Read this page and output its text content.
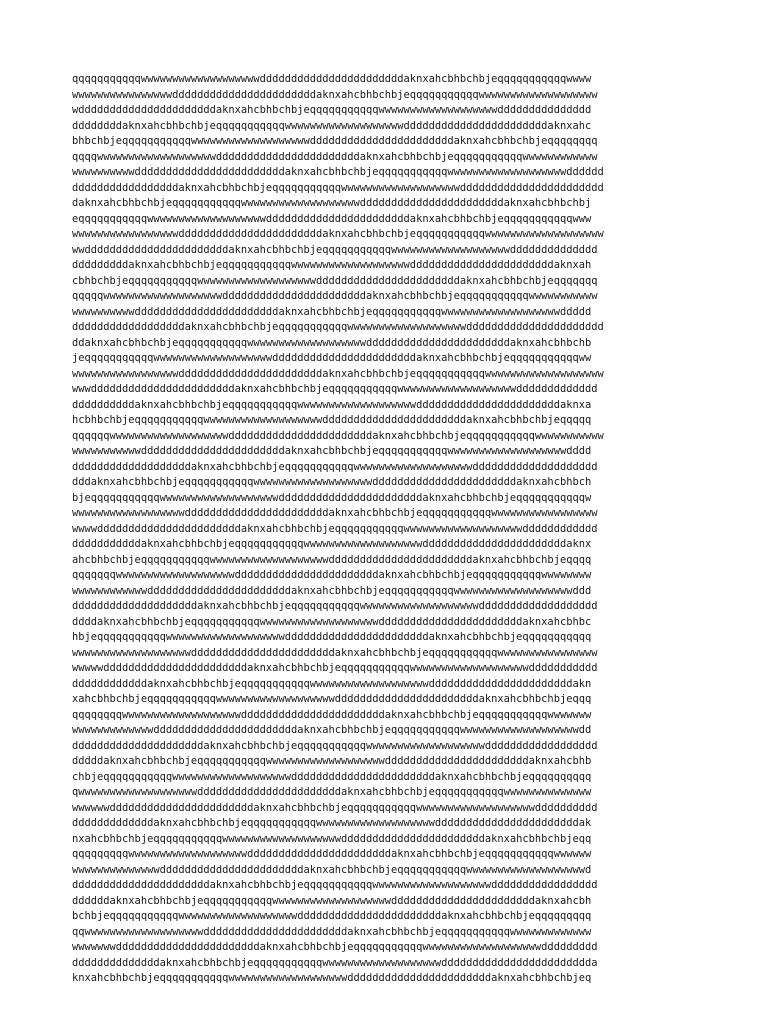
qqqqqqqqqqqwwwwwwwwwwwwwwwwwwwdddddddddddddddddddddddaknxahcbhbchbjeqqqqqqqqqqqwwww
wwwwwwwwwwwwwwwwdddddddddddddddddddddddaknxahcbhbchbjeqqqqqqqqqqqwwwwwwwwwwwwwwwwwww
wddddddddddddddddddddddaknxahcbhbchbjeqqqqqqqqqqqwwwwwwwwwwwwwwwwwwwddddddddddddddd
ddddddddaknxahcbhbchbjeqqqqqqqqqqqwwwwwwwwwwwwwwwwwwwdddddddddddddddddddddddaknxahc
bhbchbjeqqqqqqqqqqqwwwwwwwwwwwwwwwwwwwdddddddddddddddddddddddaknxahcbhbchbjeqqqqqqqq
qqqqwwwwwwwwwwwwwwwwwwwdddddddddddddddddddddddaknxahcbhbchbjeqqqqqqqqqqqwwwwwwwwwwww
wwwwwwwwwwddddddddddddddddddddddddaknxahcbhbchbjeqqqqqqqqqqqwwwwwwwwwwwwwwwwwwwdddddd
dddddddddddddddddaknxahcbhbchbjeqqqqqqqqqqqwwwwwwwwwwwwwwwwwwwddddddddddddddddddddddd
daknxahcbhbchbjeqqqqqqqqqqqwwwwwwwwwwwwwwwwwwwdddddddddddddddddddddddaknxahcbhbchbj
eqqqqqqqqqqqwwwwwwwwwwwwwwwwwwwdddddddddddddddddddddddaknxahcbhbchbjeqqqqqqqqqqqwww
wwwwwwwwwwwwwwwwwdddddddddddddddddddddddaknxahcbhbchbjeqqqqqqqqqqqwwwwwwwwwwwwwwwwwww
wwdddddddddddddddddddddddaknxahcbhbchbjeqqqqqqqqqqqwwwwwwwwwwwwwwwwwwwdddddddddddddd
dddddddddaknxahcbhbchbjeqqqqqqqqqqqwwwwwwwwwwwwwwwwwwwdddddddddddddddddddddddaknxah
cbhbchbjeqqqqqqqqqqqwwwwwwwwwwwwwwwwwwwdddddddddddddddddddddddaknxahcbhbchbjeqqqqqqq
qqqqqwwwwwwwwwwwwwwwwwwwdddddddddddddddddddddddaknxahcbhbchbjeqqqqqqqqqqqwwwwwwwwwww
wwwwwwwwwwdddddddddddddddddddddddaknxahcbhbchbjeqqqqqqqqqqqwwwwwwwwwwwwwwwwwwwddddd
ddddddddddddddddddaknxahcbhbchbjeqqqqqqqqqqqwwwwwwwwwwwwwwwwwwwdddddddddddddddddddddd
ddaknxahcbhbchbjeqqqqqqqqqqqwwwwwwwwwwwwwwwwwwwdddddddddddddddddddddddaknxahcbhbchb
jeqqqqqqqqqqqwwwwwwwwwwwwwwwwwwwdddddddddddddddddddddddaknxahcbhbchbjeqqqqqqqqqqqww
wwwwwwwwwwwwwwwwwdddddddddddddddddddddddaknxahcbhbchbjeqqqqqqqqqqqwwwwwwwwwwwwwwwwwww
wwwdddddddddddddddddddddddaknxahcbhbchbjeqqqqqqqqqqqwwwwwwwwwwwwwwwwwwwddddddddddddd
ddddddddddaknxahcbhbchbjeqqqqqqqqqqqwwwwwwwwwwwwwwwwwwwdddddddddddddddddddddddaknxa
hcbhbchbjeqqqqqqqqqqqwwwwwwwwwwwwwwwwwwwdddddddddddddddddddddddaknxahcbhbchbjeqqqqq
qqqqqqwwwwwwwwwwwwwwwwwwwdddddddddddddddddddddddaknxahcbhbchbjeqqqqqqqqqqqwwwwwwwwwww
wwwwwwwwwwwdddddddddddddddddddddddaknxahcbhbchbjeqqqqqqqqqqqwwwwwwwwwwwwwwwwwwwdddd
dddddddddddddddddddaknxahcbhbchbjeqqqqqqqqqqqwwwwwwwwwwwwwwwwwwwdddddddddddddddddddd
dddaknxahcbhbchbjeqqqqqqqqqqqwwwwwwwwwwwwwwwwwwwdddddddddddddddddddddddaknxahcbhbch
bjeqqqqqqqqqqqwwwwwwwwwwwwwwwwwwwdddddddddddddddddddddddaknxahcbhbchbjeqqqqqqqqqqqw
wwwwwwwwwwwwwwwwwwdddddddddddddddddddddddaknxahcbhbchbjeqqqqqqqqqqqwwwwwwwwwwwwwwwww
wwwwdddddddddddddddddddddddaknxahcbhbchbjeqqqqqqqqqqqwwwwwwwwwwwwwwwwwwwdddddddddddd
dddddddddddaknxahcbhbchbjeqqqqqqqqqqqwwwwwwwwwwwwwwwwwwwdddddddddddddddddddddddaknx
ahcbhbchbjeqqqqqqqqqqqwwwwwwwwwwwwwwwwwwwdddddddddddddddddddddddaknxahcbhbchbjeqqqq
qqqqqqqwwwwwwwwwwwwwwwwwwwdddddddddddddddddddddddaknxahcbhbchbjeqqqqqqqqqqqwwwwwwww
wwwwwwwwwwwwdddddddddddddddddddddddaknxahcbhbchbjeqqqqqqqqqqqwwwwwwwwwwwwwwwwwwwddd
ddddddddddddddddddddaknxahcbhbchbjeqqqqqqqqqqqwwwwwwwwwwwwwwwwwwwddddddddddddddddddd
ddddaknxahcbhbchbjeqqqqqqqqqqqwwwwwwwwwwwwwwwwwwwdddddddddddddddddddddddaknxahcbhbc
hbjeqqqqqqqqqqqwwwwwwwwwwwwwwwwwwwdddddddddddddddddddddddaknxahcbhbchbjeqqqqqqqqqqq
wwwwwwwwwwwwwwwwwwwdddddddddddddddddddddddaknxahcbhbchbjeqqqqqqqqqqqwwwwwwwwwwwwwwww
wwwwwdddddddddddddddddddddddaknxahcbhbchbjeqqqqqqqqqqqwwwwwwwwwwwwwwwwwwwddddddddddd
ddddddddddddaknxahcbhbchbjeqqqqqqqqqqqwwwwwwwwwwwwwwwwwwwdddddddddddddddddddddddakn
xahcbhbchbjeqqqqqqqqqqqwwwwwwwwwwwwwwwwwwwdddddddddddddddddddddddaknxahcbhbchbjeqqq
qqqqqqqqwwwwwwwwwwwwwwwwwwwdddddddddddddddddddddddaknxahcbhbchbjeqqqqqqqqqqqwwwwwww
wwwwwwwwwwwwwdddddddddddddddddddddddaknxahcbhbchbjeqqqqqqqqqqqwwwwwwwwwwwwwwwwwwwdd
dddddddddddddddddddddaknxahcbhbchbjeqqqqqqqqqqqwwwwwwwwwwwwwwwwwwwdddddddddddddddddd
dddddaknxahcbhbchbjeqqqqqqqqqqqwwwwwwwwwwwwwwwwwwwdddddddddddddddddddddddaknxahcbhb
chbjeqqqqqqqqqqqwwwwwwwwwwwwwwwwwwwdddddddddddddddddddddddaknxahcbhbchbjeqqqqqqqqqq
qwwwwwwwwwwwwwwwwwwwdddddddddddddddddddddddaknxahcbhbchbjeqqqqqqqqqqqwwwwwwwwwwwwww
wwwwwwdddddddddddddddddddddddaknxahcbhbchbjeqqqqqqqqqqqwwwwwwwwwwwwwwwwwwwdddddddddd
dddddddddddddaknxahcbhbchbjeqqqqqqqqqqqwwwwwwwwwwwwwwwwwwwdddddddddddddddddddddddak
nxahcbhbchbjeqqqqqqqqqqqwwwwwwwwwwwwwwwwwwwdddddddddddddddddddddddaknxahcbhbchbjeqq
qqqqqqqqqwwwwwwwwwwwwwwwwwwwdddddddddddddddddddddddaknxahcbhbchbjeqqqqqqqqqqqwwwwww
wwwwwwwwwwwwwwdddddddddddddddddddddddaknxahcbhbchbjeqqqqqqqqqqqwwwwwwwwwwwwwwwwwwwd
ddddddddddddddddddddddaknxahcbhbchbjeqqqqqqqqqqqwwwwwwwwwwwwwwwwwwwddddddddddddddddd
ddddddaknxahcbhbchbjeqqqqqqqqqqqwwwwwwwwwwwwwwwwwwwdddddddddddddddddddddddaknxahcbh
bchbjeqqqqqqqqqqqwwwwwwwwwwwwwwwwwwwdddddddddddddddddddddddaknxahcbhbchbjeqqqqqqqqq
qqwwwwwwwwwwwwwwwwwwwdddddddddddddddddddddddaknxahcbhbchbjeqqqqqqqqqqqwwwwwwwwwwwww
wwwwwwwdddddddddddddddddddddddaknxahcbhbchbjeqqqqqqqqqqqwwwwwwwwwwwwwwwwwwwddddddddd
ddddddddddddddaknxahcbhbchbjeqqqqqqqqqqqwwwwwwwwwwwwwwwwwwwdddddddddddddddddddddddda
knxahcbhbchbjeqqqqqqqqqqqwwwwwwwwwwwwwwwwwwwdddddddddddddddddddddddaknxahcbhbchbjeq
